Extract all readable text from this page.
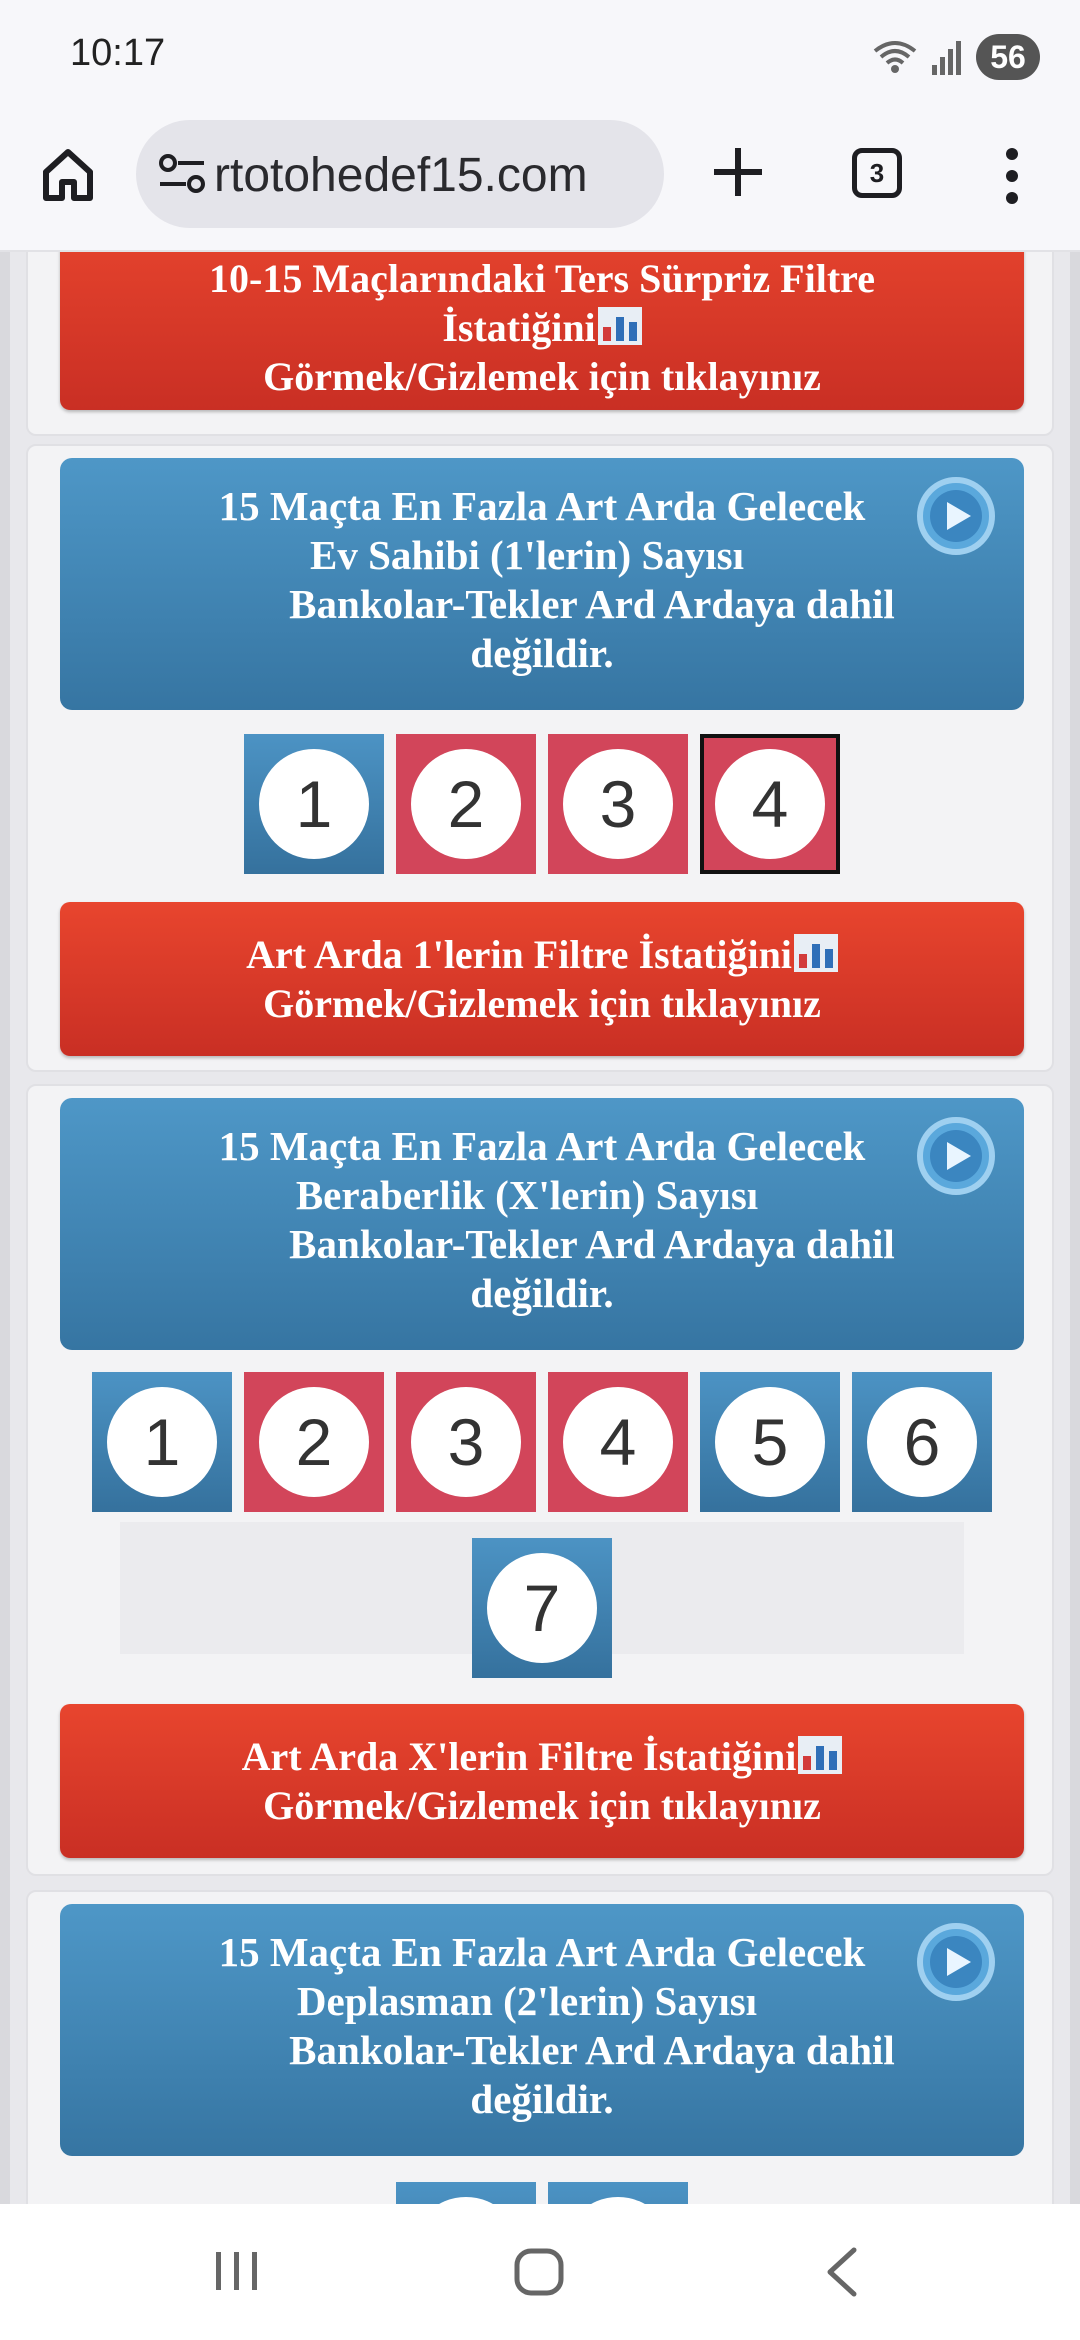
10:17	56
rtotohedef15.com	3
10-15 Maçlarındaki Ters Sürpriz Filtre
İstatiğini
Görmek/Gizlemek için tıklayınız
15 Maçta En Fazla Art Arda Gelecek
Ev Sahibi (1'lerin) Sayısı
Bankolar-Tekler Ard Ardaya dahil
değildir.
1	2	3	4
Art Arda 1'lerin Filtre İstatiğini
Görmek/Gizlemek için tıklayınız
15 Maçta En Fazla Art Arda Gelecek
Beraberlik (X'lerin) Sayısı
Bankolar-Tekler Ard Ardaya dahil
değildir.
1	2	3	4	5	6
7
Art Arda X'lerin Filtre İstatiğini
Görmek/Gizlemek için tıklayınız
15 Maçta En Fazla Art Arda Gelecek
Deplasman (2'lerin) Sayısı
Bankolar-Tekler Ard Ardaya dahil
değildir.
